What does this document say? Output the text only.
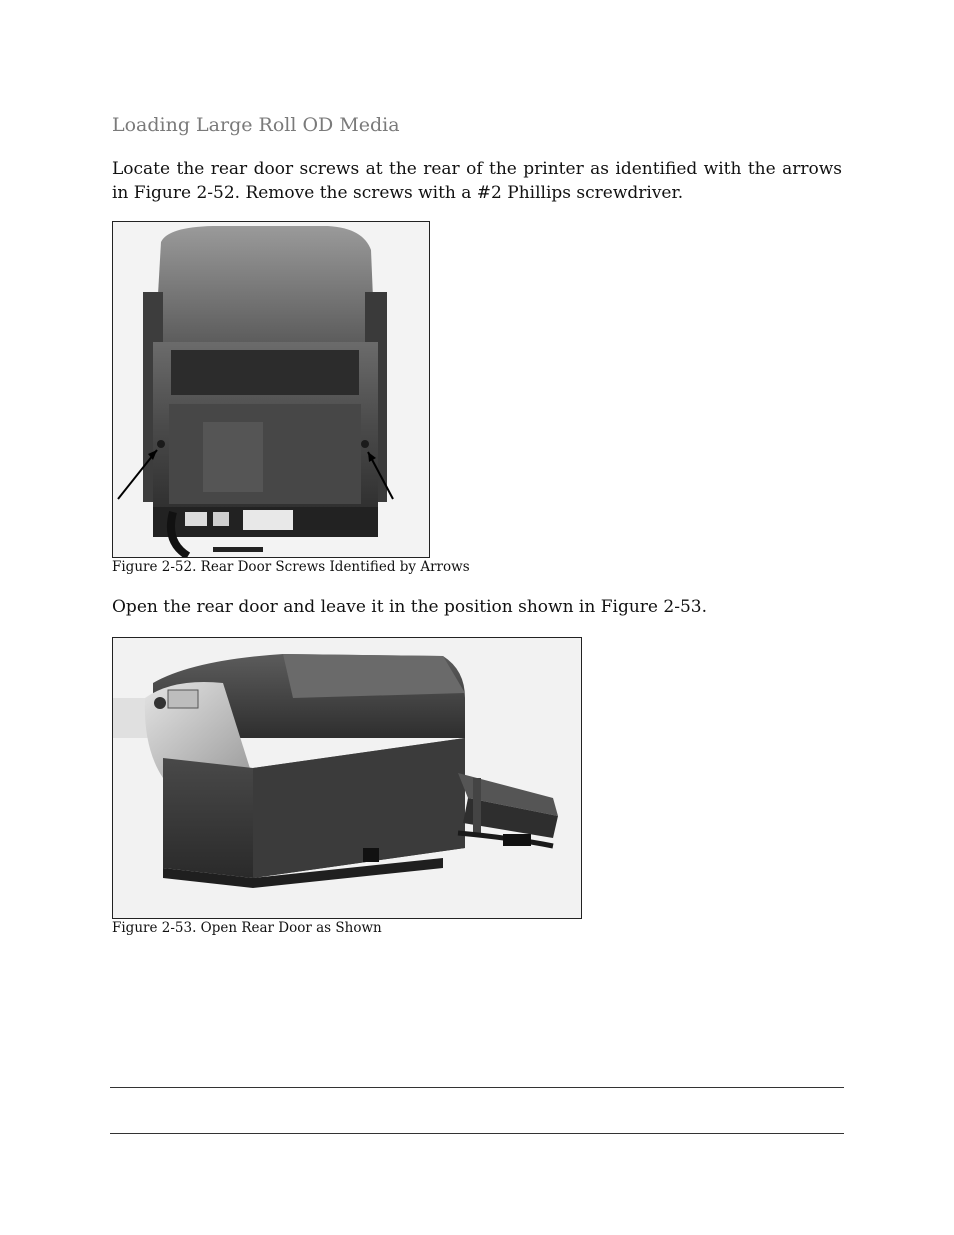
Loading Large Roll OD Media

Locate the rear door screws at the rear of the printer as identified with the arrows in Figure 2-52. Remove the screws with a #2 Phillips screwdriver.

Figure 2-52. Rear Door Screws Identified by Arrows

Open the rear door and leave it in the position shown in Figure 2-53.

Figure 2-53. Open Rear Door as Shown
